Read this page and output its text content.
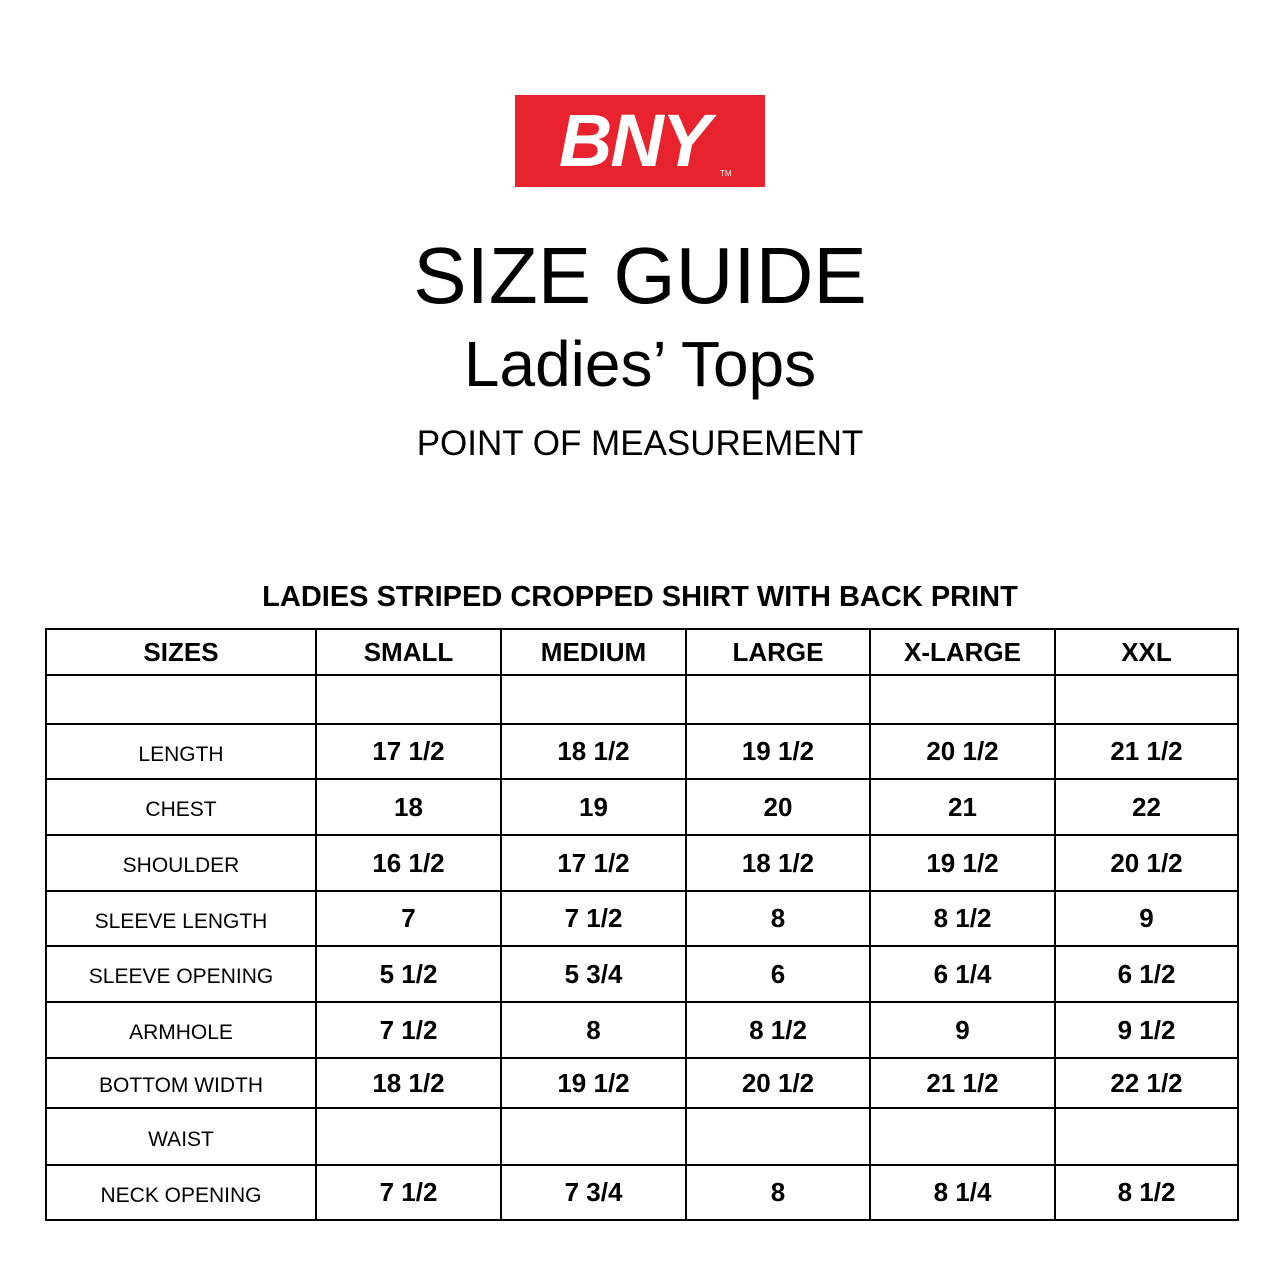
BNY	TM
SIZE GUIDE
Ladies’ Tops
POINT OF MEASUREMENT
LADIES STRIPED CROPPED SHIRT WITH BACK PRINT
SIZES	SMALL	MEDIUM	LARGE	X-LARGE	XXL

LENGTH	17 1/2	18 1/2	19 1/2	20 1/2	21 1/2
CHEST	18	19	20	21	22
SHOULDER	16 1/2	17 1/2	18 1/2	19 1/2	20 1/2
SLEEVE LENGTH	7	7 1/2	8	8 1/2	9
SLEEVE OPENING	5 1/2	5 3/4	6	6 1/4	6 1/2
ARMHOLE	7 1/2	8	8 1/2	9	9 1/2
BOTTOM WIDTH	18 1/2	19 1/2	20 1/2	21 1/2	22 1/2
WAIST					
NECK OPENING	7 1/2	7 3/4	8	8 1/4	8 1/2
